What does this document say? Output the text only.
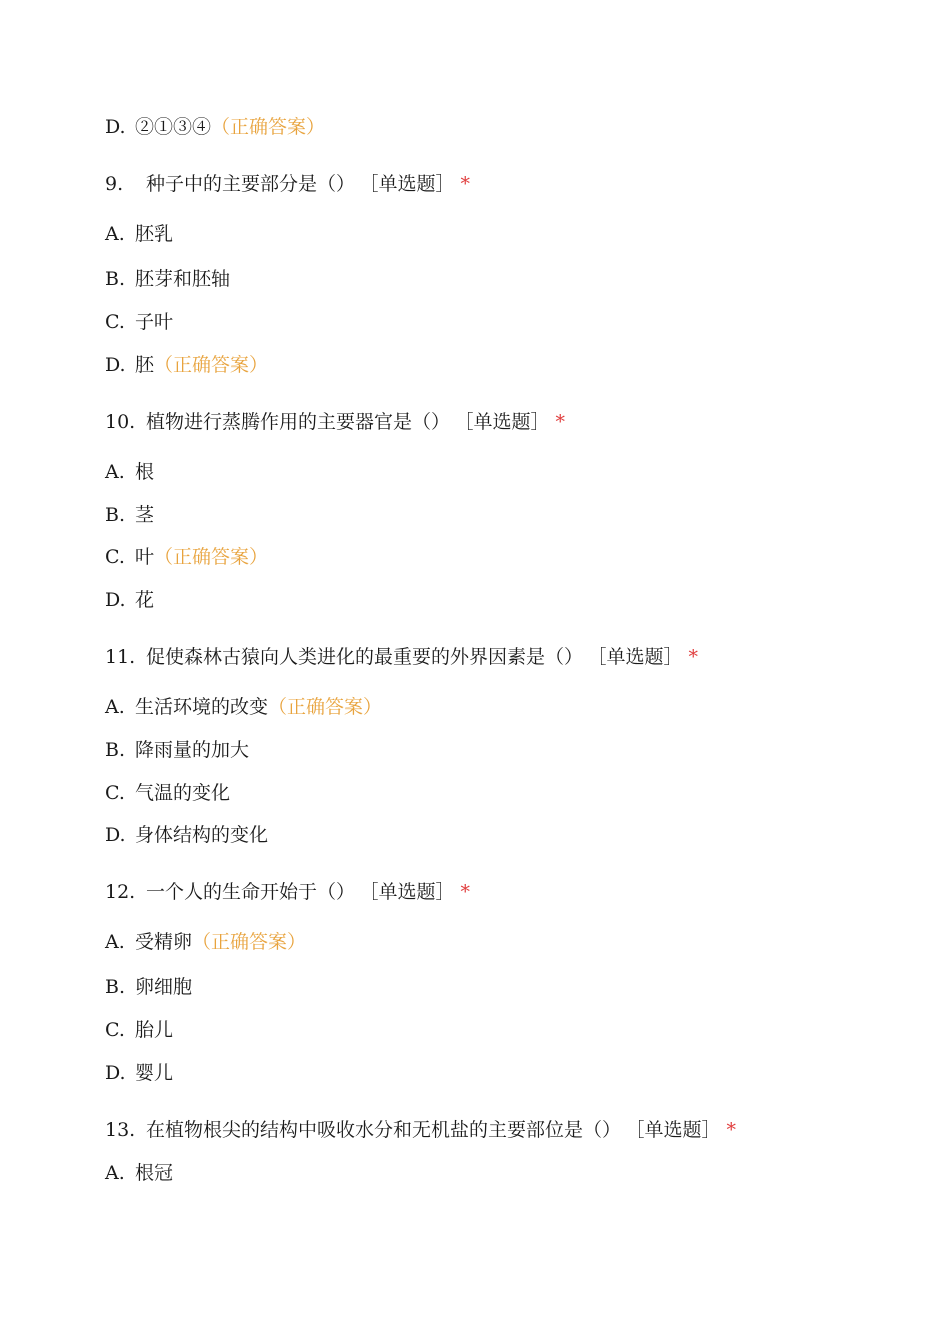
D. ②①③④（正确答案）
9. 种子中的主要部分是（） ［单选题］ *
A. 胚乳
B. 胚芽和胚轴
C. 子叶
D. 胚（正确答案）
10. 植物进行蒸腾作用的主要器官是（） ［单选题］ *
A. 根
B. 茎
C. 叶（正确答案）
D. 花
11. 促使森林古猿向人类进化的最重要的外界因素是（） ［单选题］ *
A. 生活环境的改变（正确答案）
B. 降雨量的加大
C. 气温的变化
D. 身体结构的变化
12. 一个人的生命开始于（） ［单选题］ *
A. 受精卵（正确答案）
B. 卵细胞
C. 胎儿
D. 婴儿
13. 在植物根尖的结构中吸收水分和无机盐的主要部位是（） ［单选题］ *
A. 根冠
